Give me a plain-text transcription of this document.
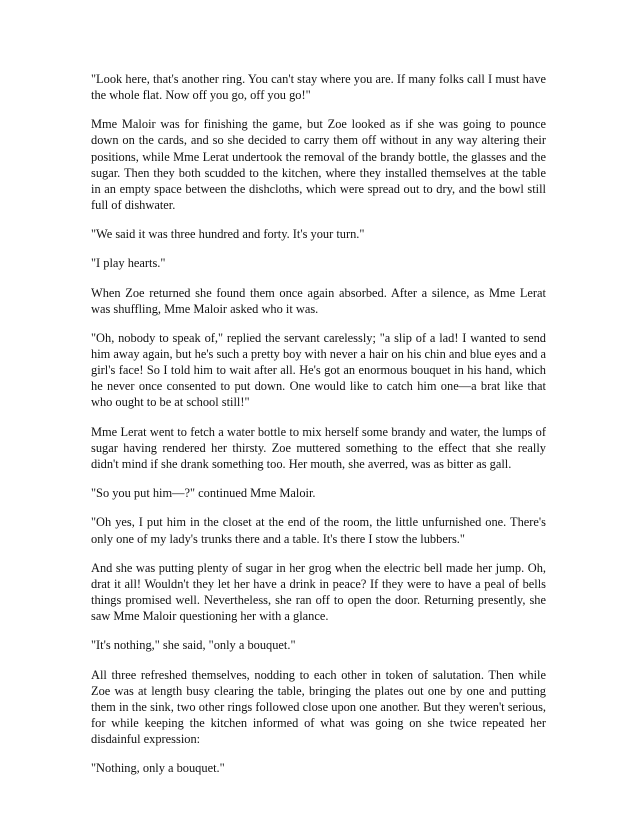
"Look here, that's another ring. You can't stay where you are. If many folks call I must have the whole flat. Now off you go, off you go!"

Mme Maloir was for finishing the game, but Zoe looked as if she was going to pounce down on the cards, and so she decided to carry them off without in any way altering their positions, while Mme Lerat undertook the removal of the brandy bottle, the glasses and the sugar. Then they both scudded to the kitchen, where they installed themselves at the table in an empty space between the dishcloths, which were spread out to dry, and the bowl still full of dishwater.

"We said it was three hundred and forty. It's your turn."

"I play hearts."

When Zoe returned she found them once again absorbed. After a silence, as Mme Lerat was shuffling, Mme Maloir asked who it was.

"Oh, nobody to speak of," replied the servant carelessly; "a slip of a lad! I wanted to send him away again, but he's such a pretty boy with never a hair on his chin and blue eyes and a girl's face! So I told him to wait after all. He's got an enormous bouquet in his hand, which he never once consented to put down. One would like to catch him one—a brat like that who ought to be at school still!"

Mme Lerat went to fetch a water bottle to mix herself some brandy and water, the lumps of sugar having rendered her thirsty. Zoe muttered something to the effect that she really didn't mind if she drank something too. Her mouth, she averred, was as bitter as gall.

"So you put him—?" continued Mme Maloir.

"Oh yes, I put him in the closet at the end of the room, the little unfurnished one. There's only one of my lady's trunks there and a table. It's there I stow the lubbers."

And she was putting plenty of sugar in her grog when the electric bell made her jump. Oh, drat it all! Wouldn't they let her have a drink in peace? If they were to have a peal of bells things promised well. Nevertheless, she ran off to open the door. Returning presently, she saw Mme Maloir questioning her with a glance.

"It's nothing," she said, "only a bouquet."

All three refreshed themselves, nodding to each other in token of salutation. Then while Zoe was at length busy clearing the table, bringing the plates out one by one and putting them in the sink, two other rings followed close upon one another. But they weren't serious, for while keeping the kitchen informed of what was going on she twice repeated her disdainful expression:

"Nothing, only a bouquet."
